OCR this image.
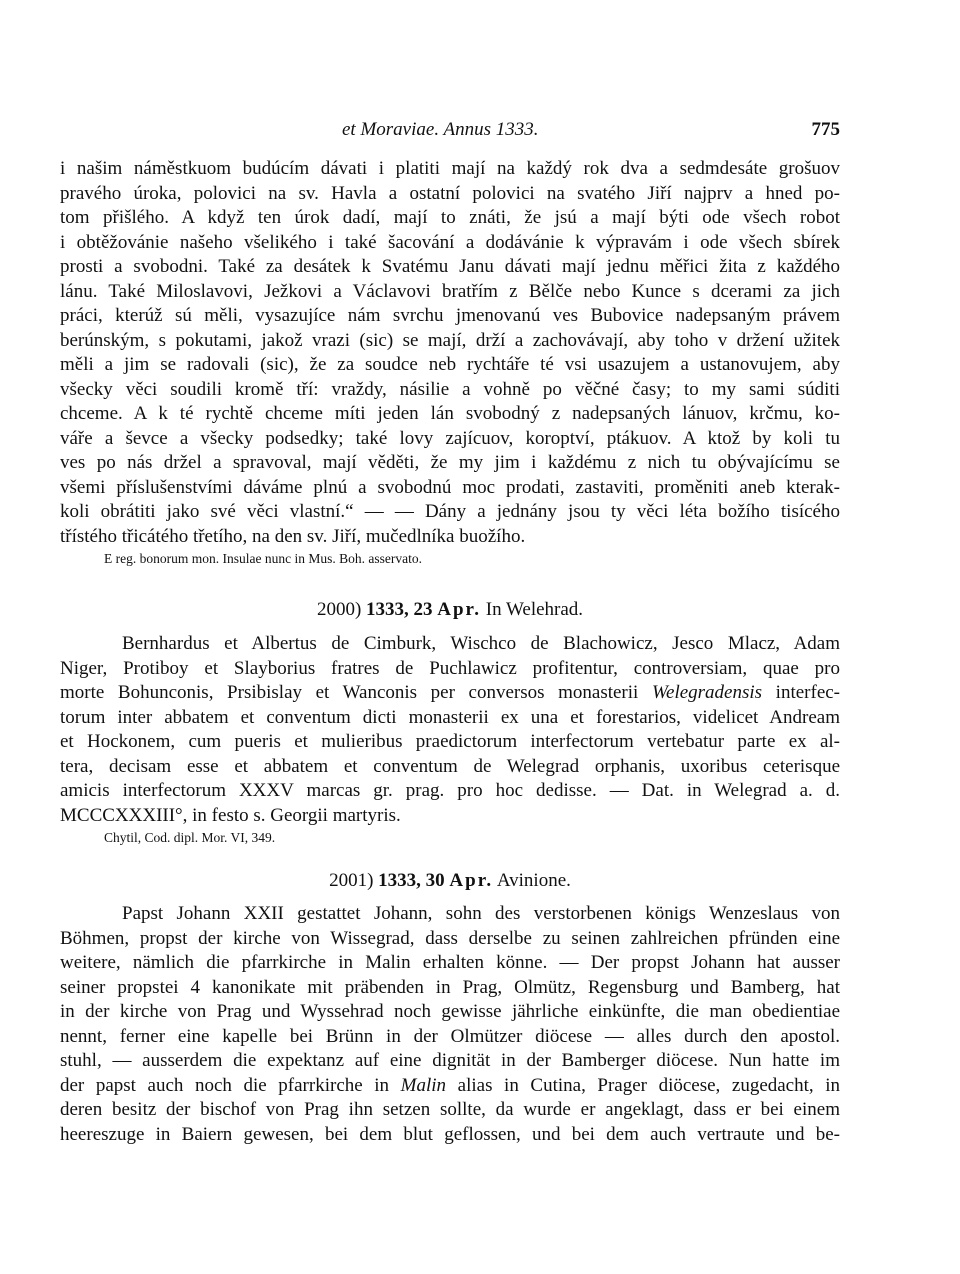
et Moraviae. Annus 1333.	775
i našim náměstkuom budúcím dávati i platiti mají na každý rok dva a sedmdesáte grošuov
pravého úroka, polovici na sv. Havla a ostatní polovici na svatého Jiří najprv a hned po-
tom přišlého. A když ten úrok dadí, mají to znáti, že jsú a mají býti ode všech robot
i obtěžovánie našeho všelikého i také šacování a dodávánie k výpravám i ode všech sbírek
prosti a svobodni. Také za desátek k Svatému Janu dávati mají jednu měřici žita z každého
lánu. Také Miloslavovi, Ježkovi a Václavovi bratřím z Bělče nebo Kunce s dcerami za jich
práci, kterúž sú měli, vysazujíce nám svrchu jmenovanú ves Bubovice nadepsaným právem
berúnským, s pokutami, jakož vrazi (sic) se mají, drží a zachovávají, aby toho v držení užitek
měli a jim se radovali (sic), že za soudce neb rychtáře té vsi usazujem a ustanovujem, aby
všecky věci soudili kromě tří: vraždy, násilie a vohně po věčné časy; to my sami súditi
chceme. A k té rychtě chceme míti jeden lán svobodný z nadepsaných lánuov, krčmu, ko-
váře a ševce a všecky podsedky; také lovy zajícuov, koroptví, ptákuov. A ktož by koli tu
ves po nás držel a spravoval, mají věděti, že my jim i každému z nich tu obývajícímu se
všemi příslušenstvími dáváme plnú a svobodnú moc prodati, zastaviti, proměniti aneb kterak-
koli obrátiti jako své věci vlastní.“ — — Dány a jednány jsou ty věci léta božího tisícého
třístého třicátého třetího, na den sv. Jiří, mučedlníka buožího.
E reg. bonorum mon. Insulae nunc in Mus. Boh. asservato.
2000) 1333, 23 Apr. In Welehrad.
Bernhardus et Albertus de Cimburk, Wischco de Blachowicz, Jesco Mlacz, Adam
Niger, Protiboy et Slayborius fratres de Puchlawicz profitentur, controversiam, quae pro
morte Bohunconis, Prsibislay et Wanconis per conversos monasterii Welegradensis interfec-
torum inter abbatem et conventum dicti monasterii ex una et forestarios, videlicet Andream
et Hockonem, cum pueris et mulieribus praedictorum interfectorum vertebatur parte ex al-
tera, decisam esse et abbatem et conventum de Welegrad orphanis, uxoribus ceterisque
amicis interfectorum XXXV marcas gr. prag. pro hoc dedisse. — Dat. in Welegrad a. d.
MCCCXXXIII°, in festo s. Georgii martyris.
Chytil, Cod. dipl. Mor. VI, 349.
2001) 1333, 30 Apr. Avinione.
Papst Johann XXII gestattet Johann, sohn des verstorbenen königs Wenzeslaus von
Böhmen, propst der kirche von Wissegrad, dass derselbe zu seinen zahlreichen pfründen eine
weitere, nämlich die pfarrkirche in Malin erhalten könne. — Der propst Johann hat ausser
seiner propstei 4 kanonikate mit präbenden in Prag, Olmütz, Regensburg und Bamberg, hat
in der kirche von Prag und Wyssehrad noch gewisse jährliche einkünfte, die man obedientiae
nennt, ferner eine kapelle bei Brünn in der Olmützer diöcese — alles durch den apostol.
stuhl, — ausserdem die expektanz auf eine dignität in der Bamberger diöcese. Nun hatte im
der papst auch noch die pfarrkirche in Malin alias in Cutina, Prager diöcese, zugedacht, in
deren besitz der bischof von Prag ihn setzen sollte, da wurde er angeklagt, dass er bei einem
heereszuge in Baiern gewesen, bei dem blut geflossen, und bei dem auch vertraute und be-
